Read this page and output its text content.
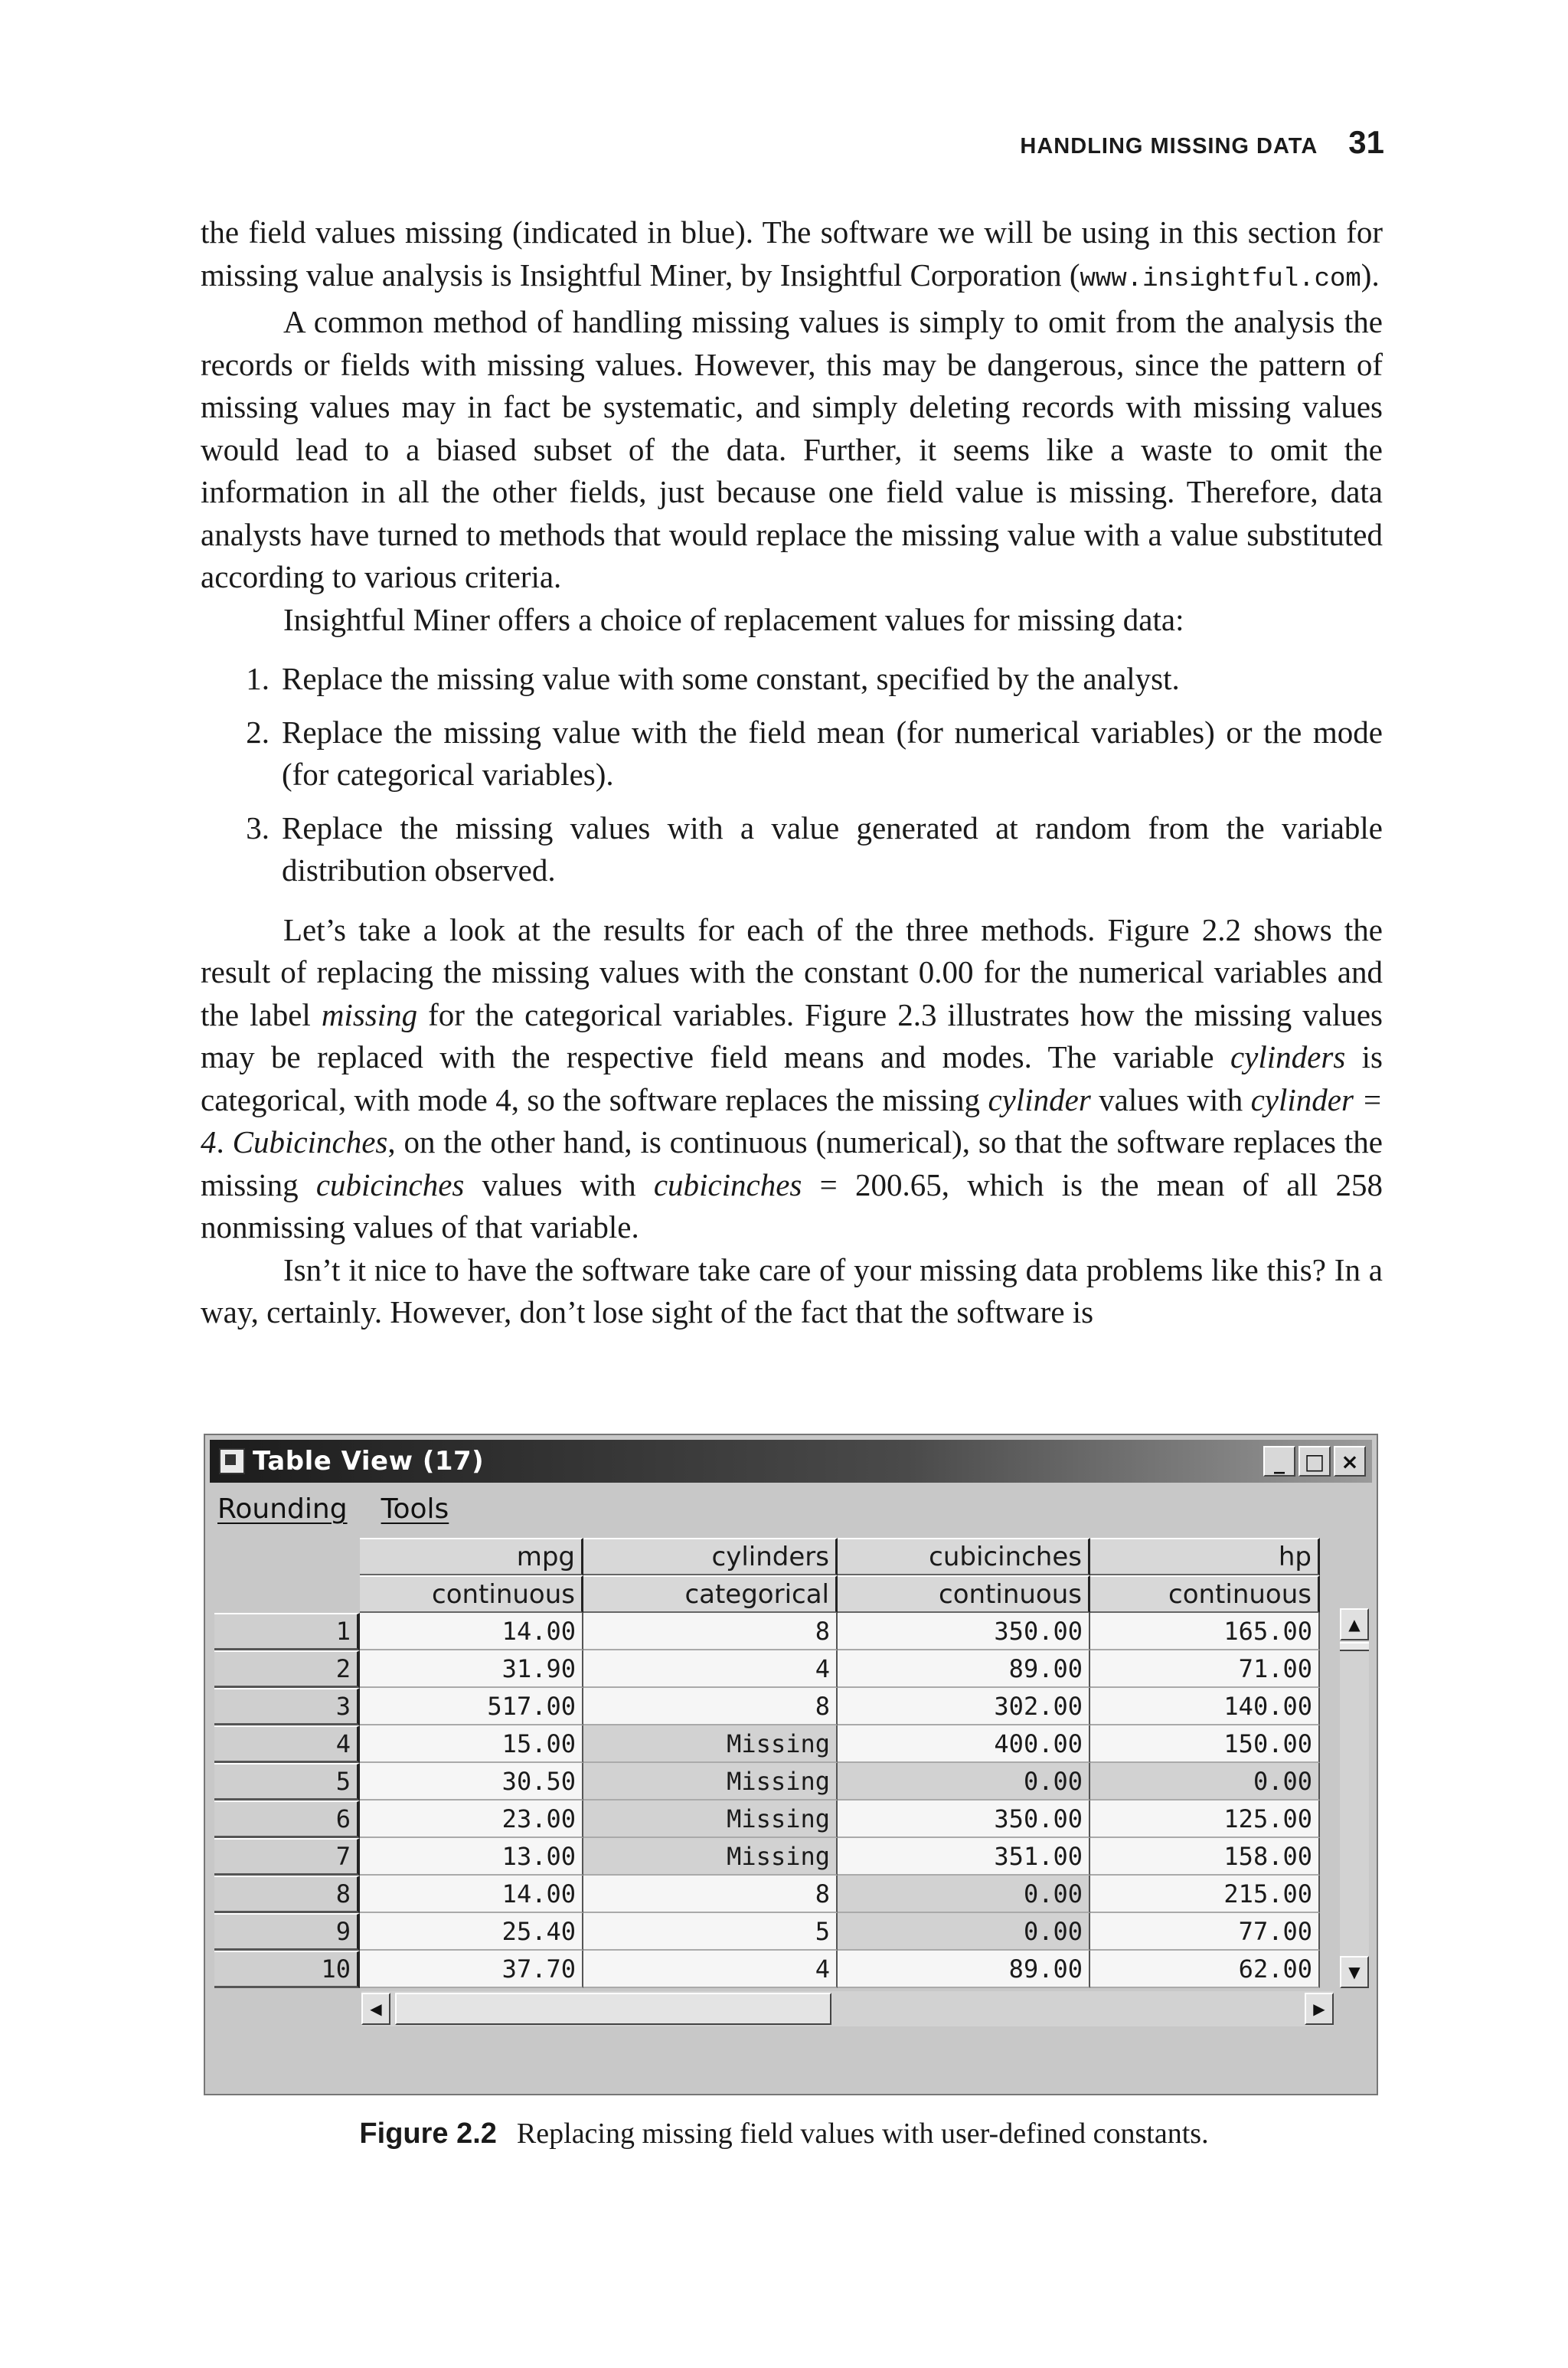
HANDLING MISSING DATA 31

the field values missing (indicated in blue). The software we will be using in this section for missing value analysis is Insightful Miner, by Insightful Corporation (www.insightful.com).

A common method of handling missing values is simply to omit from the analysis the records or fields with missing values. However, this may be dangerous, since the pattern of missing values may in fact be systematic, and simply deleting records with missing values would lead to a biased subset of the data. Further, it seems like a waste to omit the information in all the other fields, just because one field value is missing. Therefore, data analysts have turned to methods that would replace the missing value with a value substituted according to various criteria.

Insightful Miner offers a choice of replacement values for missing data:

1. Replace the missing value with some constant, specified by the analyst.
2. Replace the missing value with the field mean (for numerical variables) or the mode (for categorical variables).
3. Replace the missing values with a value generated at random from the variable distribution observed.

Let’s take a look at the results for each of the three methods. Figure 2.2 shows the result of replacing the missing values with the constant 0.00 for the numerical variables and the label missing for the categorical variables. Figure 2.3 illustrates how the missing values may be replaced with the respective field means and modes. The variable cylinders is categorical, with mode 4, so the software replaces the missing cylinder values with cylinder = 4. Cubicinches, on the other hand, is continuous (numerical), so that the software replaces the missing cubicinches values with cubicinches = 200.65, which is the mean of all 258 nonmissing values of that variable.

Isn’t it nice to have the software take care of your missing data problems like this? In a way, certainly. However, don’t lose sight of the fact that the software is

Table View (17)	_ □ ×
Rounding Tools
	mpg	cylinders	cubicinches	hp
	continuous	categorical	continuous	continuous
1	14.00	8	350.00	165.00
2	31.90	4	89.00	71.00
3	517.00	8	302.00	140.00
4	15.00	Missing	400.00	150.00
5	30.50	Missing	0.00	0.00
6	23.00	Missing	350.00	125.00
7	13.00	Missing	351.00	158.00
8	14.00	8	0.00	215.00
9	25.40	5	0.00	77.00
10	37.70	4	89.00	62.00
▲
▼
◀	▶
Figure 2.2 Replacing missing field values with user-defined constants.
